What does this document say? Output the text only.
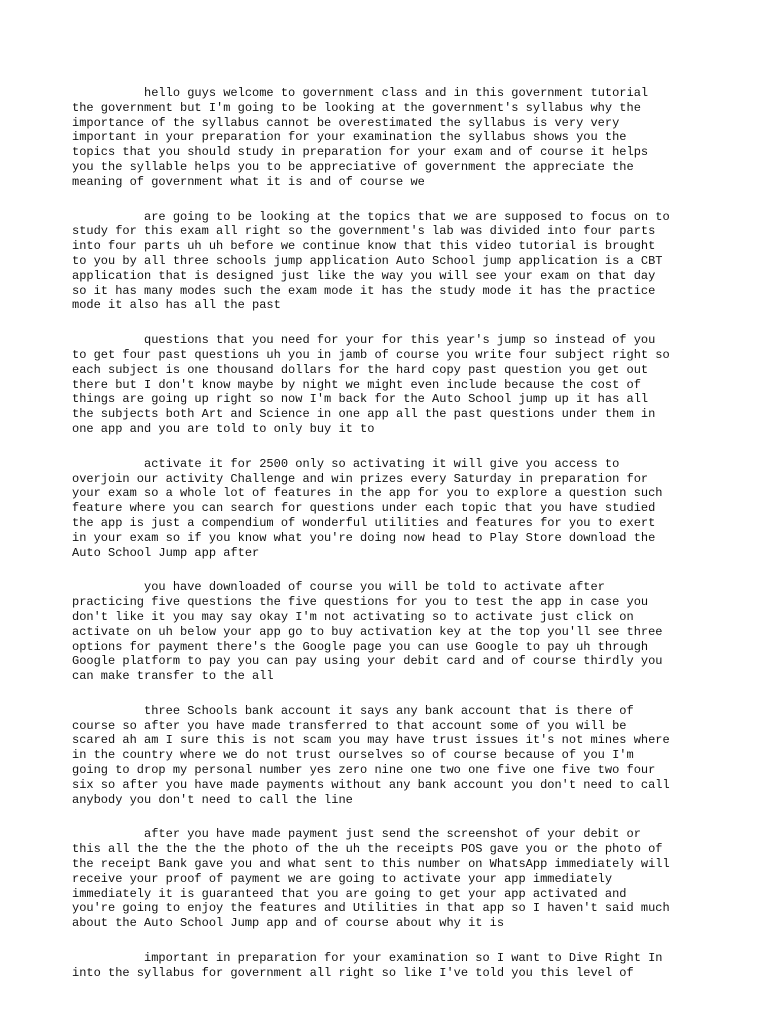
hello guys welcome to government class and in this government tutorial
the government but I'm going to be looking at the government's syllabus why the
importance of the syllabus cannot be overestimated the syllabus is very very
important in your preparation for your examination the syllabus shows you the
topics that you should study in preparation for your exam and of course it helps
you the syllable helps you to be appreciative of government the appreciate the
meaning of government what it is and of course we

are going to be looking at the topics that we are supposed to focus on to
study for this exam all right so the government's lab was divided into four parts
into four parts uh uh before we continue know that this video tutorial is brought
to you by all three schools jump application Auto School jump application is a CBT
application that is designed just like the way you will see your exam on that day
so it has many modes such the exam mode it has the study mode it has the practice
mode it also has all the past

questions that you need for your for this year's jump so instead of you
to get four past questions uh you in jamb of course you write four subject right so
each subject is one thousand dollars for the hard copy past question you get out
there but I don't know maybe by night we might even include because the cost of
things are going up right so now I'm back for the Auto School jump up it has all
the subjects both Art and Science in one app all the past questions under them in
one app and you are told to only buy it to

activate it for 2500 only so activating it will give you access to
overjoin our activity Challenge and win prizes every Saturday in preparation for
your exam so a whole lot of features in the app for you to explore a question such
feature where you can search for questions under each topic that you have studied
the app is just a compendium of wonderful utilities and features for you to exert
in your exam so if you know what you're doing now head to Play Store download the
Auto School Jump app after

you have downloaded of course you will be told to activate after
practicing five questions the five questions for you to test the app in case you
don't like it you may say okay I'm not activating so to activate just click on
activate on uh below your app go to buy activation key at the top you'll see three
options for payment there's the Google page you can use Google to pay uh through
Google platform to pay you can pay using your debit card and of course thirdly you
can make transfer to the all

three Schools bank account it says any bank account that is there of
course so after you have made transferred to that account some of you will be
scared ah am I sure this is not scam you may have trust issues it's not mines where
in the country where we do not trust ourselves so of course because of you I'm
going to drop my personal number yes zero nine one two one five one five two four
six so after you have made payments without any bank account you don't need to call
anybody you don't need to call the line

after you have made payment just send the screenshot of your debit or
this all the the the the photo of the uh the receipts POS gave you or the photo of
the receipt Bank gave you and what sent to this number on WhatsApp immediately will
receive your proof of payment we are going to activate your app immediately
immediately it is guaranteed that you are going to get your app activated and
you're going to enjoy the features and Utilities in that app so I haven't said much
about the Auto School Jump app and of course about why it is

important in preparation for your examination so I want to Dive Right In
into the syllabus for government all right so like I've told you this level of
